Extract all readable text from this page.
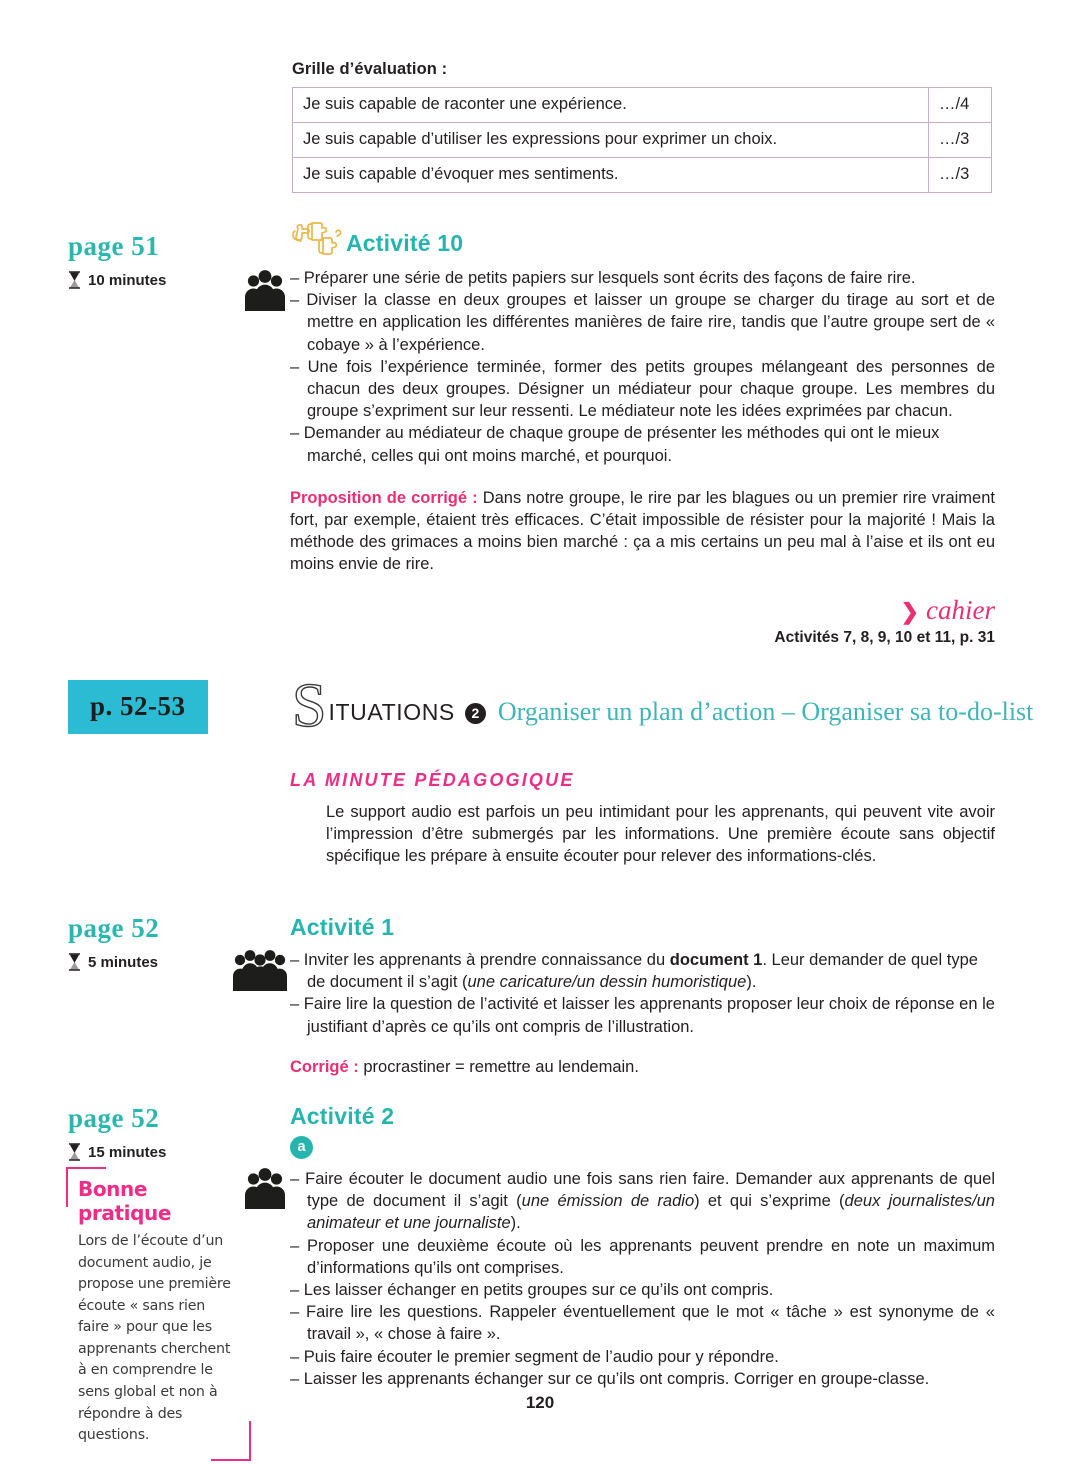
Grille d’évaluation :
Je suis capable de raconter une expérience.	…/4
Je suis capable d’utiliser les expressions pour exprimer un choix.	…/3
Je suis capable d’évoquer mes sentiments.	…/3
page 51
10 minutes
Activité 10

– Préparer une série de petits papiers sur lesquels sont écrits des façons de faire rire.

– Diviser la classe en deux groupes et laisser un groupe se charger du tirage au sort et de mettre en application les différentes manières de faire rire, tandis que l’autre groupe sert de « cobaye » à l’expérience.

– Une fois l’expérience terminée, former des petits groupes mélangeant des personnes de chacun des deux groupes. Désigner un médiateur pour chaque groupe. Les membres du groupe s’expriment sur leur ressenti. Le médiateur note les idées exprimées par chacun.

– Demander au médiateur de chaque groupe de présenter les méthodes qui ont le mieux marché, celles qui ont moins marché, et pourquoi.

Proposition de corrigé : Dans notre groupe, le rire par les blagues ou un premier rire vraiment fort, par exemple, étaient très efficaces. C’était impossible de résister pour la majorité ! Mais la méthode des grimaces a moins bien marché : ça a mis certains un peu mal à l’aise et ils ont eu moins envie de rire.
❯ cahier
Activités 7, 8, 9, 10 et 11, p. 31
p. 52-53	S ITUATIONS	2 Organiser un plan d’action – Organiser sa to-do-list
LA MINUTE PÉDAGOGIQUE
Le support audio est parfois un peu intimidant pour les apprenants, qui peuvent vite avoir l’impression d’être submergés par les informations. Une première écoute sans objectif spécifique les prépare à ensuite écouter pour relever des informations-clés.
page 52
5 minutes
Activité 1

– Inviter les apprenants à prendre connaissance du document 1. Leur demander de quel type de document il s’agit (une caricature/un dessin humoristique).

– Faire lire la question de l’activité et laisser les apprenants proposer leur choix de réponse en le justifiant d’après ce qu’ils ont compris de l’illustration.

Corrigé : procrastiner = remettre au lendemain.
page 52
15 minutes
Bonne pratique
Lors de l’écoute d’un document audio, je propose une première écoute « sans rien faire » pour que les apprenants cherchent à en comprendre le sens global et non à répondre à des questions.
Activité 2
a

– Faire écouter le document audio une fois sans rien faire. Demander aux apprenants de quel type de document il s’agit (une émission de radio) et qui s’exprime (deux journalistes/un animateur et une journaliste).

– Proposer une deuxième écoute où les apprenants peuvent prendre en note un maximum d’informations qu’ils ont comprises.

– Les laisser échanger en petits groupes sur ce qu’ils ont compris.

– Faire lire les questions. Rappeler éventuellement que le mot « tâche » est synonyme de « travail », « chose à faire ».

– Puis faire écouter le premier segment de l’audio pour y répondre.

– Laisser les apprenants échanger sur ce qu’ils ont compris. Corriger en groupe-classe.

120
